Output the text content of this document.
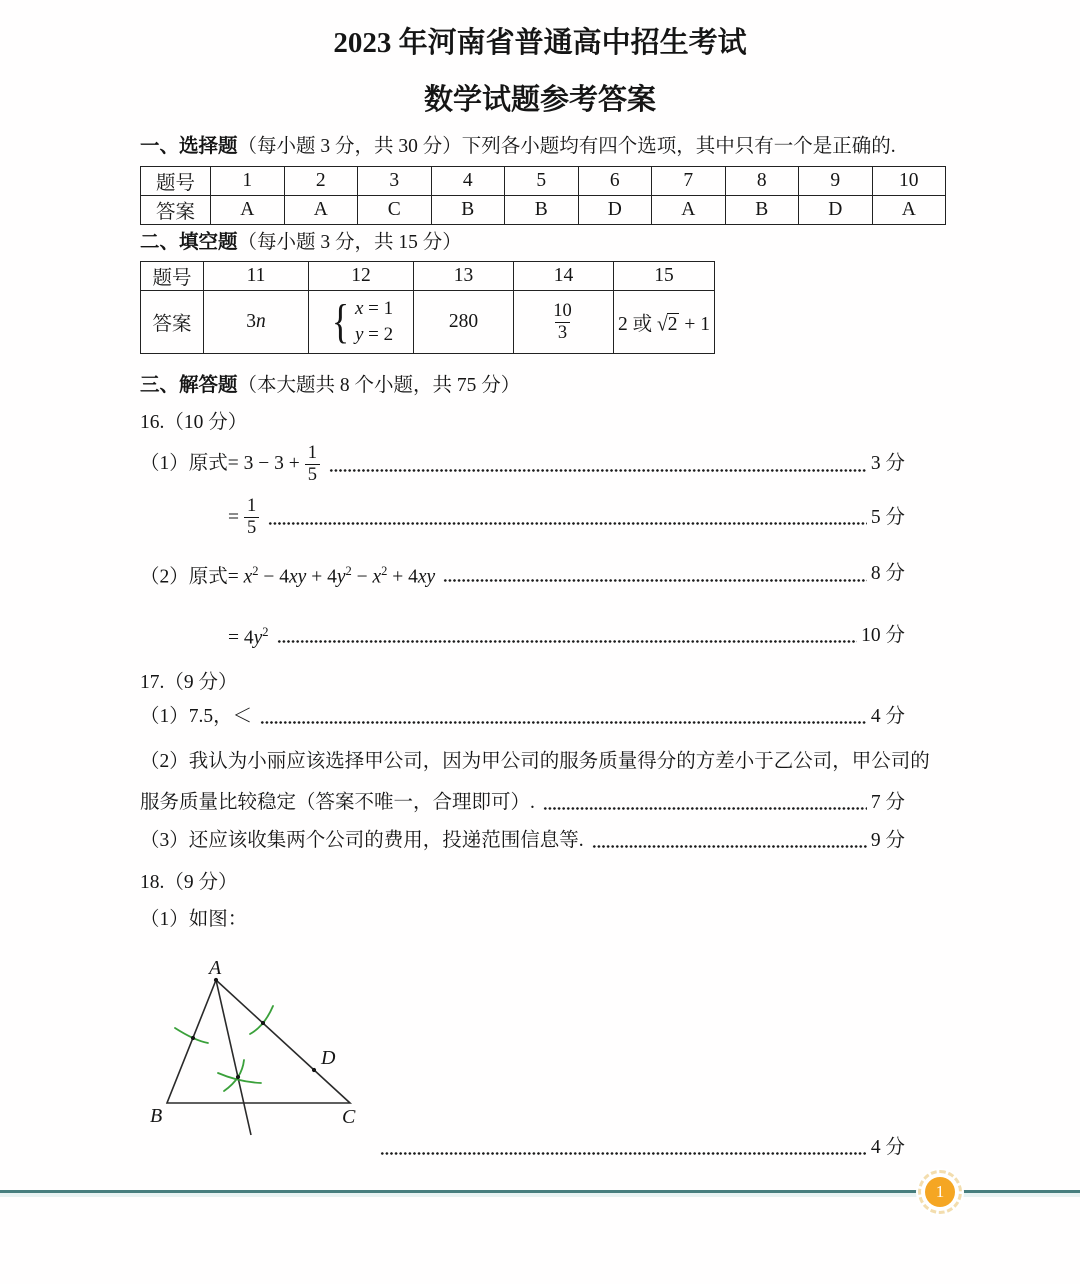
2023 年河南省普通高中招生考试
数学试题参考答案

一、选择题（每小题 3 分，共 30 分）下列各小题均有四个选项，其中只有一个是正确的.

题号	1	2	3	4	5	6	7	8	9	10
答案	A	A	C	B	B	D	A	B	D	A

二、填空题（每小题 3 分，共 15 分）

题号	11	12	13	14	15
答案	3n	{ x = 1
y = 2	280	$\frac{10}{3}$	2 或 √2 + 1

三、解答题（本大题共 8 个小题，共 75 分）

16.（10 分）

（1）原式= $3 - 3 + \frac{1}{5}$	3 分
= $\frac{1}{5}$	5 分
（2）原式= $x^2 - 4xy + 4y^2 - x^2 + 4xy$	8 分
= $4y^2$	10 分

17.（9 分）

（1）7.5，＜	4 分

（2）我认为小丽应该选择甲公司，因为甲公司的服务质量得分的方差小于乙公司，甲公司的

服务质量比较稳定（答案不唯一，合理即可）.	7 分
（3）还应该收集两个公司的费用，投递范围信息等.	9 分

18.（9 分）

（1）如图：

A
B	C
D
4 分
1
